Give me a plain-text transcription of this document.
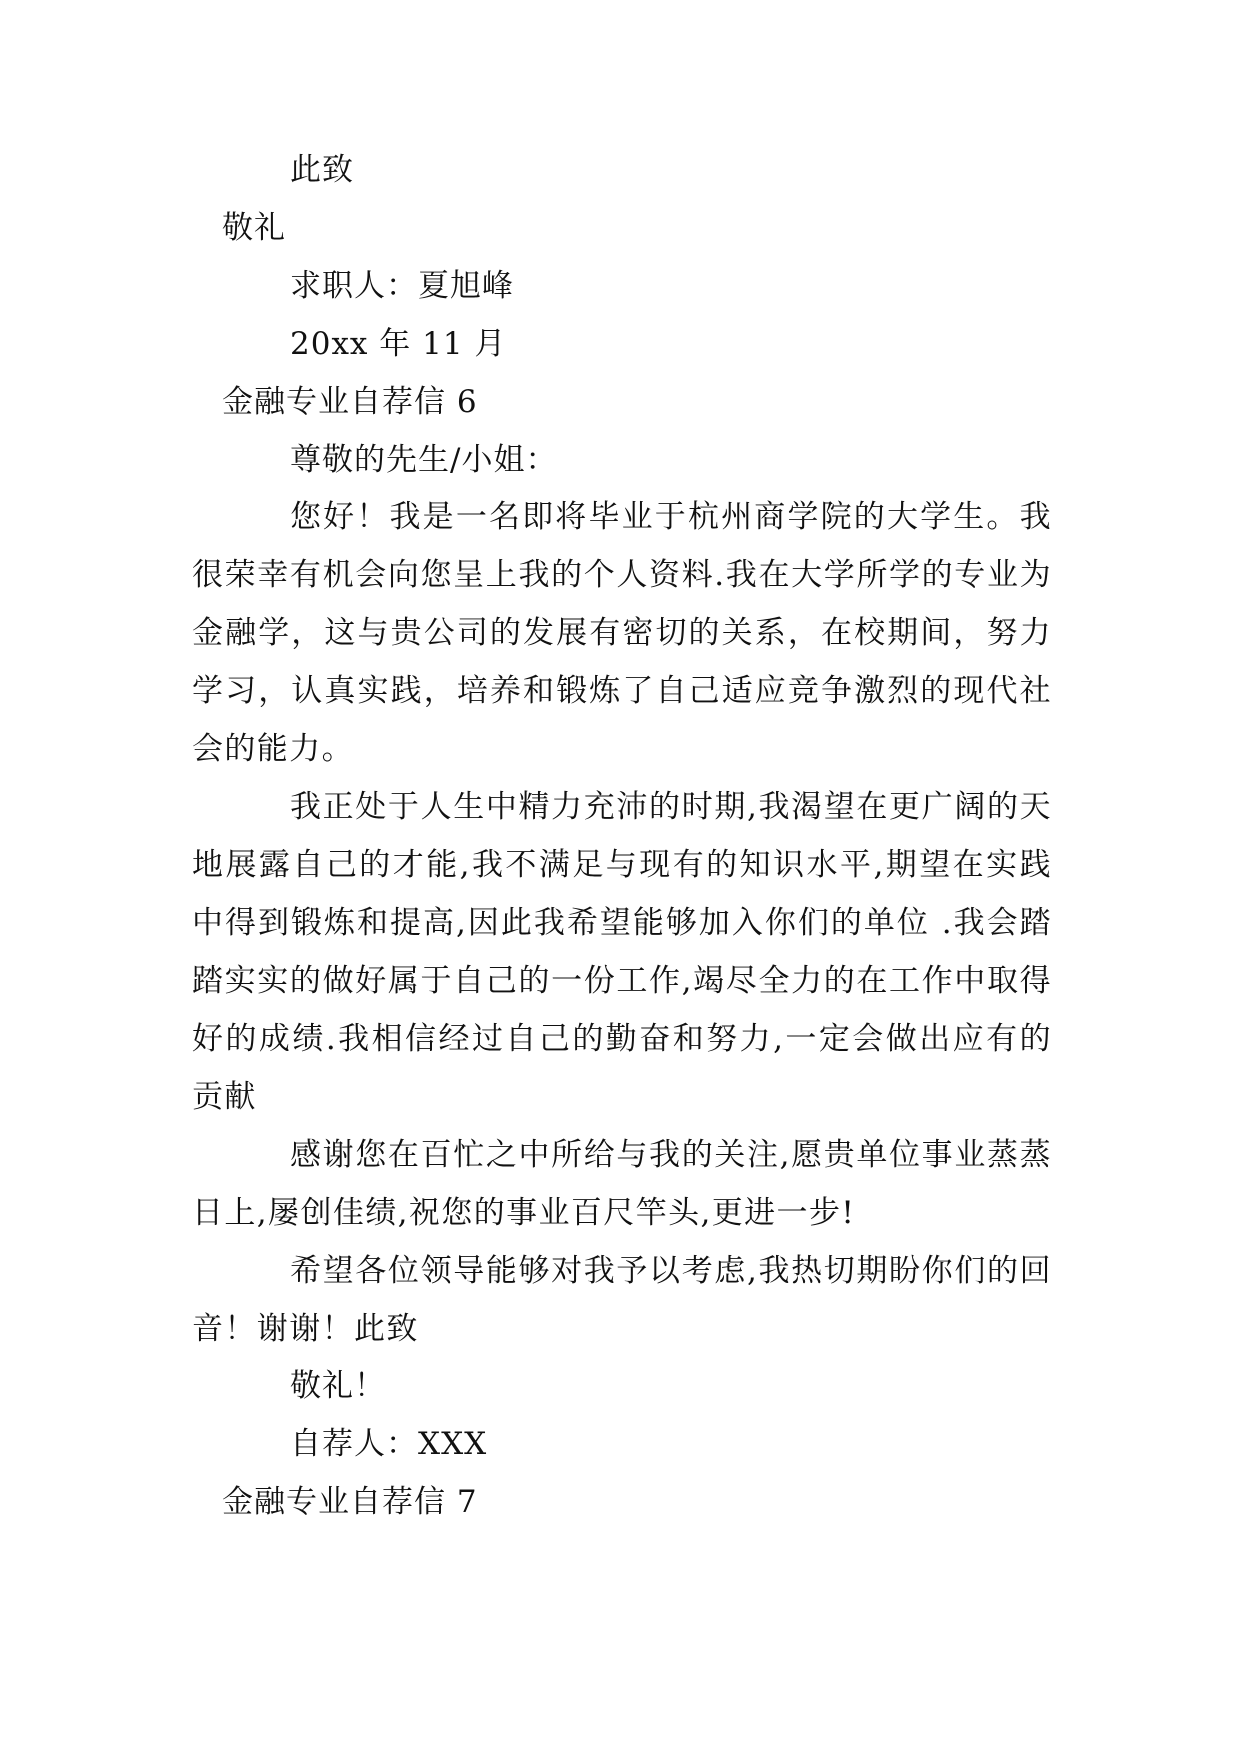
此致
敬礼
求职人：夏旭峰
20xx 年 11 月
金融专业自荐信 6
尊敬的先生/小姐：

您好！我是一名即将毕业于杭州商学院的大学生。我很荣幸有机会向您呈上我的个人资料.我在大学所学的专业为金融学，这与贵公司的发展有密切的关系，在校期间，努力学习，认真实践，培养和锻炼了自己适应竞争激烈的现代社会的能力。

我正处于人生中精力充沛的时期,我渴望在更广阔的天地展露自己的才能,我不满足与现有的知识水平,期望在实践中得到锻炼和提高,因此我希望能够加入你们的单位 .我会踏踏实实的做好属于自己的一份工作,竭尽全力的在工作中取得好的成绩.我相信经过自己的勤奋和努力,一定会做出应有的贡献

感谢您在百忙之中所给与我的关注,愿贵单位事业蒸蒸日上,屡创佳绩,祝您的事业百尺竿头,更进一步!

希望各位领导能够对我予以考虑,我热切期盼你们的回音！谢谢！此致

敬礼！
自荐人：XXX
金融专业自荐信 7
